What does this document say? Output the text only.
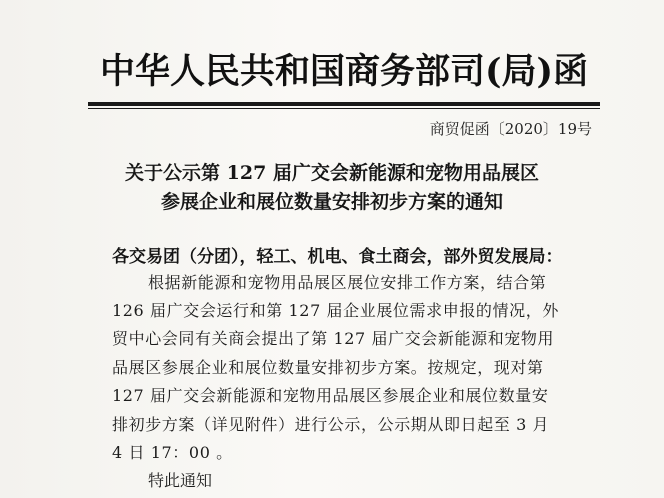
中华人民共和国商务部司(局)函
商贸促函〔2020〕19号
关于公示第 127 届广交会新能源和宠物用品展区
参展企业和展位数量安排初步方案的通知
各交易团（分团），轻工、机电、食土商会，部外贸发展局：
根据新能源和宠物用品展区展位安排工作方案，结合第
126 届广交会运行和第 127 届企业展位需求申报的情况，外
贸中心会同有关商会提出了第 127 届广交会新能源和宠物用
品展区参展企业和展位数量安排初步方案。按规定，现对第
127 届广交会新能源和宠物用品展区参展企业和展位数量安
排初步方案（详见附件）进行公示，公示期从即日起至 3 月
4 日 17：00 。
特此通知
